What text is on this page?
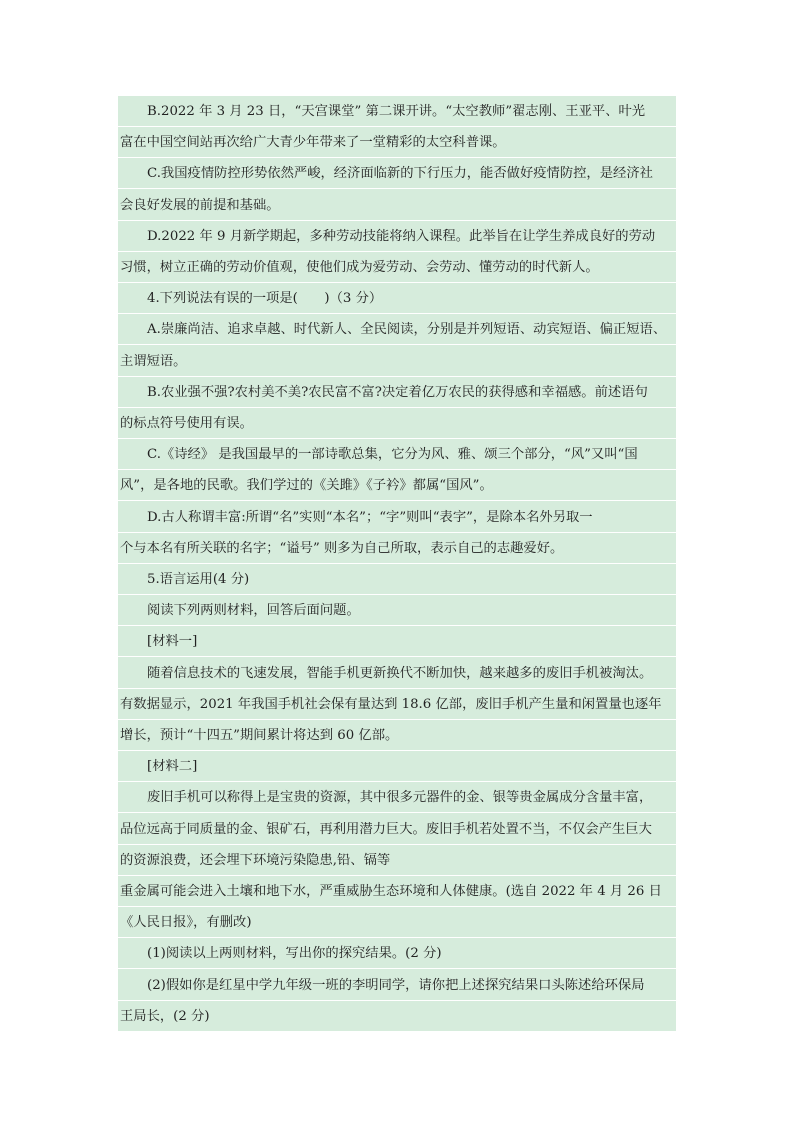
B.2022 年 3 月 23 日，“天宫课堂” 第二课开讲。“太空教师”翟志刚、王亚平、叶光
富在中国空间站再次给广大青少年带来了一堂精彩的太空科普课。
C.我国疫情防控形势依然严峻，经济面临新的下行压力，能否做好疫情防控，是经济社
会良好发展的前提和基础。
D.2022 年 9 月新学期起，多种劳动技能将纳入课程。此举旨在让学生养成良好的劳动
习惯，树立正确的劳动价值观，使他们成为爱劳动、会劳动、懂劳动的时代新人。
4.下列说法有误的一项是(　　)（3 分）
A.崇廉尚洁、追求卓越、时代新人、全民阅读，分别是并列短语、动宾短语、偏正短语、
主谓短语。
B.农业强不强?农村美不美?农民富不富?决定着亿万农民的获得感和幸福感。前述语句
的标点符号使用有误。
C.《诗经》 是我国最早的一部诗歌总集，它分为风、雅、颂三个部分，“风”又叫“国
风”，是各地的民歌。我们学过的《关雎》《子衿》都属“国风”。
D.古人称谓丰富:所谓“名”实则“本名”；“字”则叫“表字”，是除本名外另取一
个与本名有所关联的名字；“谥号” 则多为自己所取，表示自己的志趣爱好。
5.语言运用(4 分)
阅读下列两则材料，回答后面问题。
[材料一]
随着信息技术的飞速发展，智能手机更新换代不断加快，越来越多的废旧手机被淘汰。
有数据显示，2021 年我国手机社会保有量达到 18.6 亿部，废旧手机产生量和闲置量也逐年
增长，预计“十四五”期间累计将达到 60 亿部。
[材料二]
废旧手机可以称得上是宝贵的资源，其中很多元器件的金、银等贵金属成分含量丰富，
品位远高于同质量的金、银矿石，再利用潜力巨大。废旧手机若处置不当，不仅会产生巨大
的资源浪费，还会埋下环境污染隐患,铅、镉等
重金属可能会进入土壤和地下水，严重威胁生态环境和人体健康。(选自 2022 年 4 月 26 日
《人民日报》，有删改)
(1)阅读以上两则材料，写出你的探究结果。(2 分)
(2)假如你是红星中学九年级一班的李明同学，请你把上述探究结果口头陈述给环保局
王局长，(2 分)
